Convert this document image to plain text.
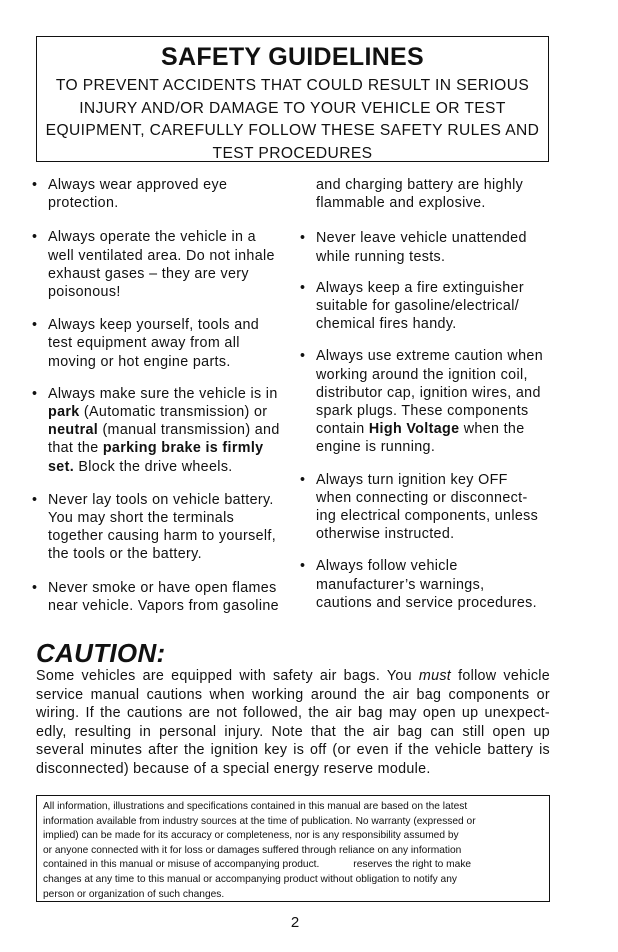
SAFETY GUIDELINES
TO PREVENT ACCIDENTS THAT COULD RESULT IN SERIOUS
INJURY AND/OR DAMAGE TO YOUR VEHICLE OR TEST
EQUIPMENT, CAREFULLY FOLLOW THESE SAFETY RULES AND
TEST PROCEDURES
• Always wear approved eye
protection.
• Always operate the vehicle in a
well ventilated area. Do not inhale
exhaust gases – they are very
poisonous!
• Always keep yourself, tools and
test equipment away from all
moving or hot engine parts.
• Always make sure the vehicle is in
park (Automatic transmission) or
neutral (manual transmission) and
that the parking brake is firmly
set. Block the drive wheels.
• Never lay tools on vehicle battery.
You may short the terminals
together causing harm to yourself,
the tools or the battery.
• Never smoke or have open flames
near vehicle. Vapors from gasoline
and charging battery are highly
flammable and explosive.
• Never leave vehicle unattended
while running tests.
• Always keep a fire extinguisher
suitable for gasoline/electrical/
chemical fires handy.
• Always use extreme caution when
working around the ignition coil,
distributor cap, ignition wires, and
spark plugs. These components
contain High Voltage when the
engine is running.
• Always turn ignition key OFF
when connecting or disconnect-
ing electrical components, unless
otherwise instructed.
• Always follow vehicle
manufacturer’s warnings,
cautions and service procedures.
CAUTION:
Some vehicles are equipped with safety air bags. You must follow vehicle
service manual cautions when working around the air bag components or
wiring. If the cautions are not followed, the air bag may open up unexpect-
edly, resulting in personal injury. Note that the air bag can still open up
several minutes after the ignition key is off (or even if the vehicle battery is
disconnected) because of a special energy reserve module.
All information, illustrations and specifications contained in this manual are based on the latest
information available from industry sources at the time of publication. No warranty (expressed or
implied) can be made for its accuracy or completeness, nor is any responsibility assumed by
or anyone connected with it for loss or damages suffered through reliance on any information
contained in this manual or misuse of accompanying product.            reserves the right to make
changes at any time to this manual or accompanying product without obligation to notify any
person or organization of such changes.
2
